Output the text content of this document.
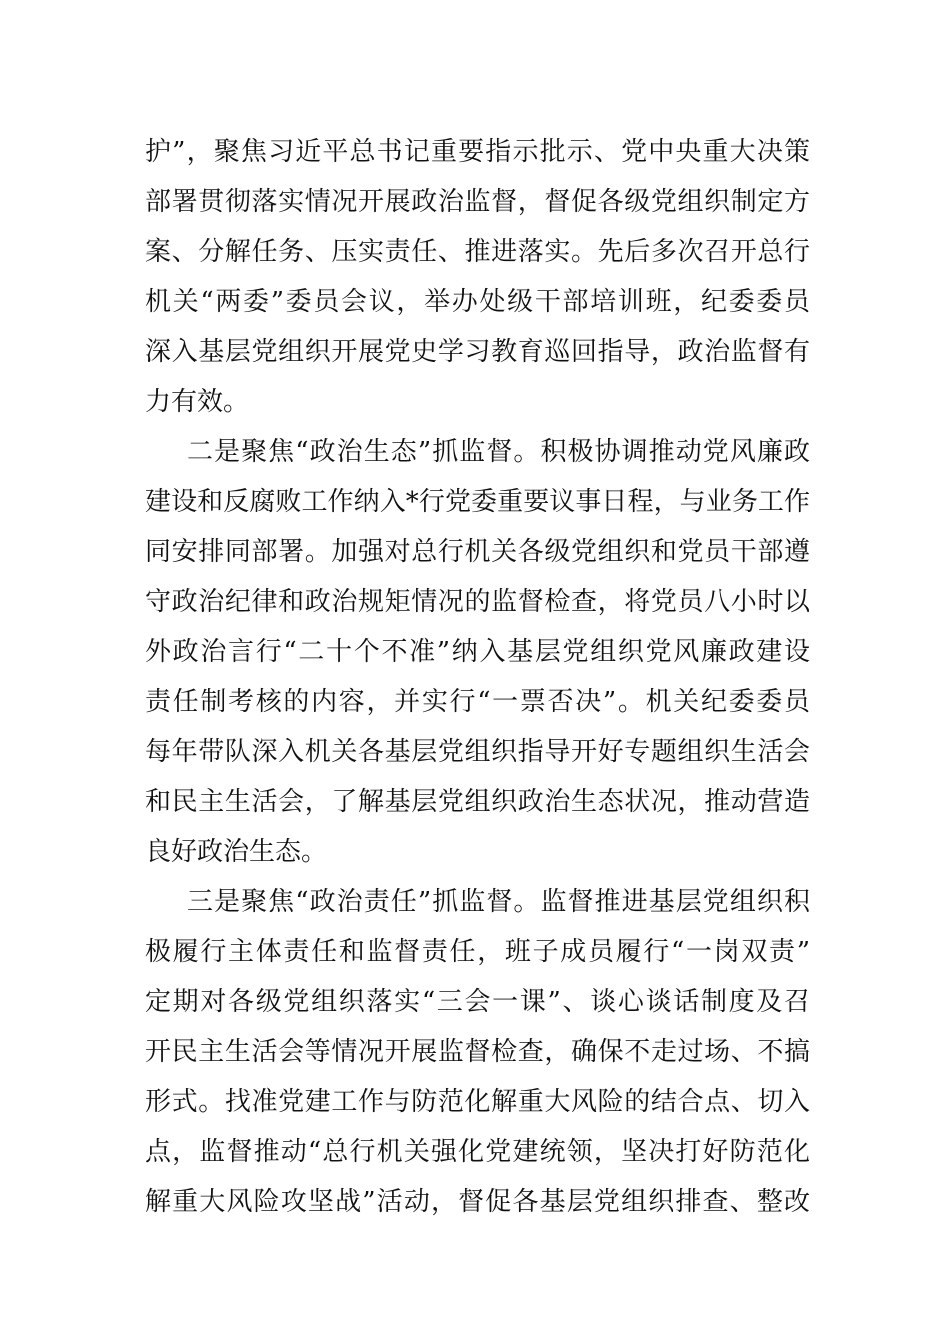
护”，聚焦习近平总书记重要指示批示、党中央重大决策
部署贯彻落实情况开展政治监督，督促各级党组织制定方
案、分解任务、压实责任、推进落实。先后多次召开总行
机关“两委”委员会议，举办处级干部培训班，纪委委员
深入基层党组织开展党史学习教育巡回指导，政治监督有
力有效。
二是聚焦“政治生态”抓监督。积极协调推动党风廉政
建设和反腐败工作纳入*行党委重要议事日程，与业务工作
同安排同部署。加强对总行机关各级党组织和党员干部遵
守政治纪律和政治规矩情况的监督检查，将党员八小时以
外政治言行“二十个不准”纳入基层党组织党风廉政建设
责任制考核的内容，并实行“一票否决”。机关纪委委员
每年带队深入机关各基层党组织指导开好专题组织生活会
和民主生活会，了解基层党组织政治生态状况，推动营造
良好政治生态。
三是聚焦“政治责任”抓监督。监督推进基层党组织积
极履行主体责任和监督责任，班子成员履行“一岗双责”
定期对各级党组织落实“三会一课”、谈心谈话制度及召
开民主生活会等情况开展监督检查，确保不走过场、不搞
形式。找准党建工作与防范化解重大风险的结合点、切入
点，监督推动“总行机关强化党建统领，坚决打好防范化
解重大风险攻坚战”活动，督促各基层党组织排查、整改
